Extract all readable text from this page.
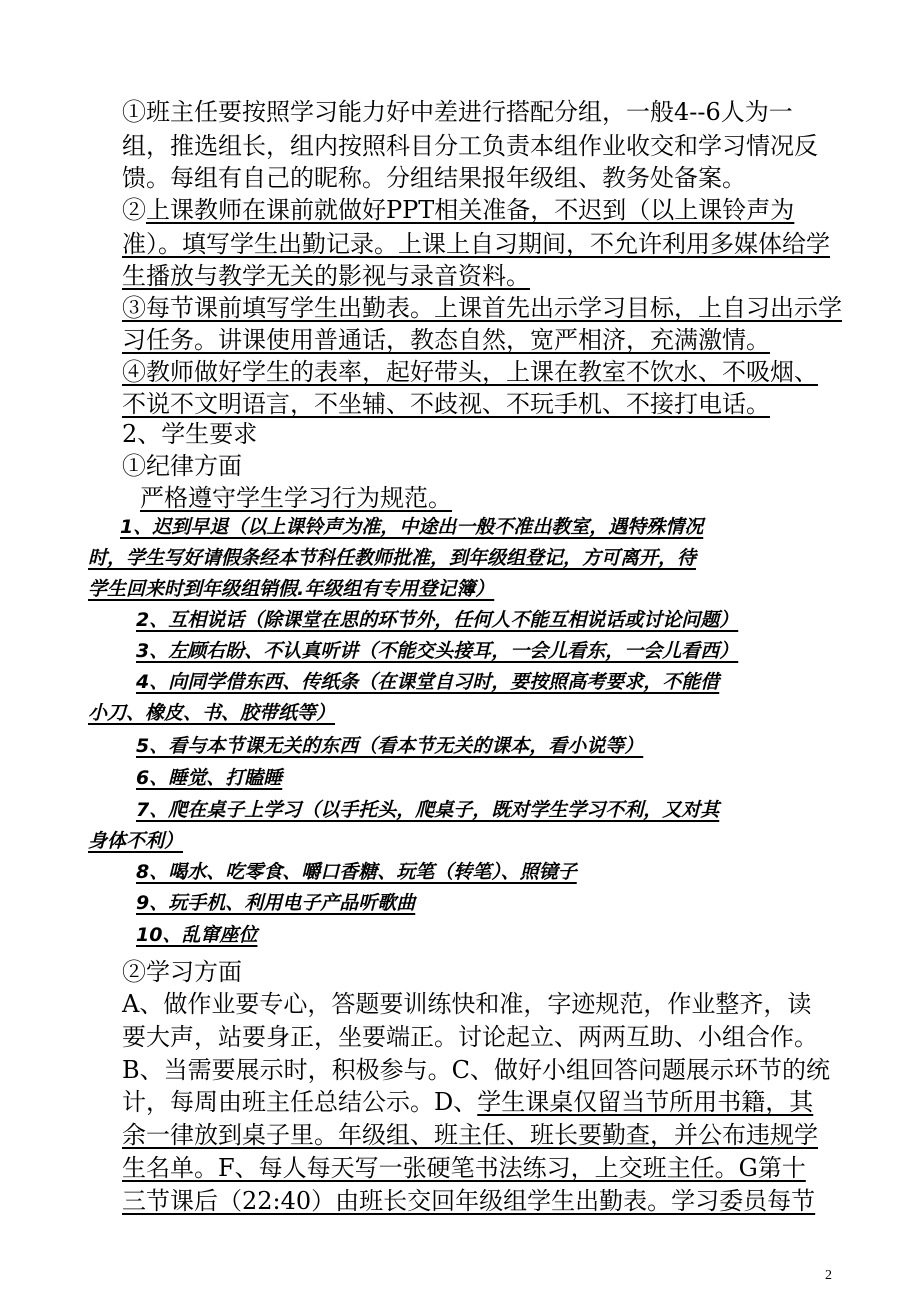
①班主任要按照学习能力好中差进行搭配分组，一般4--6人为一
组，推选组长，组内按照科目分工负责本组作业收交和学习情况反
馈。每组有自己的昵称。分组结果报年级组、教务处备案。
②上课教师在课前就做好PPT相关准备，不迟到（以上课铃声为
准）。填写学生出勤记录。上课上自习期间，不允许利用多媒体给学
生播放与教学无关的影视与录音资料。
③每节课前填写学生出勤表。上课首先出示学习目标，上自习出示学
习任务。讲课使用普通话，教态自然，宽严相济，充满激情。
④教师做好学生的表率，起好带头，上课在教室不饮水、不吸烟、
不说不文明语言，不坐辅、不歧视、不玩手机、不接打电话。
2、学生要求
①纪律方面
严格遵守学生学习行为规范。
1、迟到早退（以上课铃声为准，中途出一般不准出教室，遇特殊情况
时，学生写好请假条经本节科任教师批准，到年级组登记，方可离开，待
学生回来时到年级组销假.年级组有专用登记簿）
2、互相说话（除课堂在思的环节外，任何人不能互相说话或讨论问题）
3、左顾右盼、不认真听讲（不能交头接耳，一会儿看东，一会儿看西）
4、向同学借东西、传纸条（在课堂自习时，要按照高考要求，不能借
小刀、橡皮、书、胶带纸等）
5、看与本节课无关的东西（看本节无关的课本，看小说等）
6、睡觉、打瞌睡
7、爬在桌子上学习（以手托头，爬桌子，既对学生学习不利，又对其
身体不利）
8、喝水、吃零食、嚼口香糖、玩笔（转笔）、照镜子
9、玩手机、利用电子产品听歌曲
10、乱窜座位
②学习方面
A、做作业要专心，答题要训练快和准，字迹规范，作业整齐，读
要大声，站要身正，坐要端正。讨论起立、两两互助、小组合作。
B、当需要展示时，积极参与。C、做好小组回答问题展示环节的统
计，每周由班主任总结公示。D、学生课桌仅留当节所用书籍，其
余一律放到桌子里。年级组、班主任、班长要勤查，并公布违规学
生名单。F、每人每天写一张硬笔书法练习，上交班主任。G第十
三节课后（22:40）由班长交回年级组学生出勤表。学习委员每节
2
